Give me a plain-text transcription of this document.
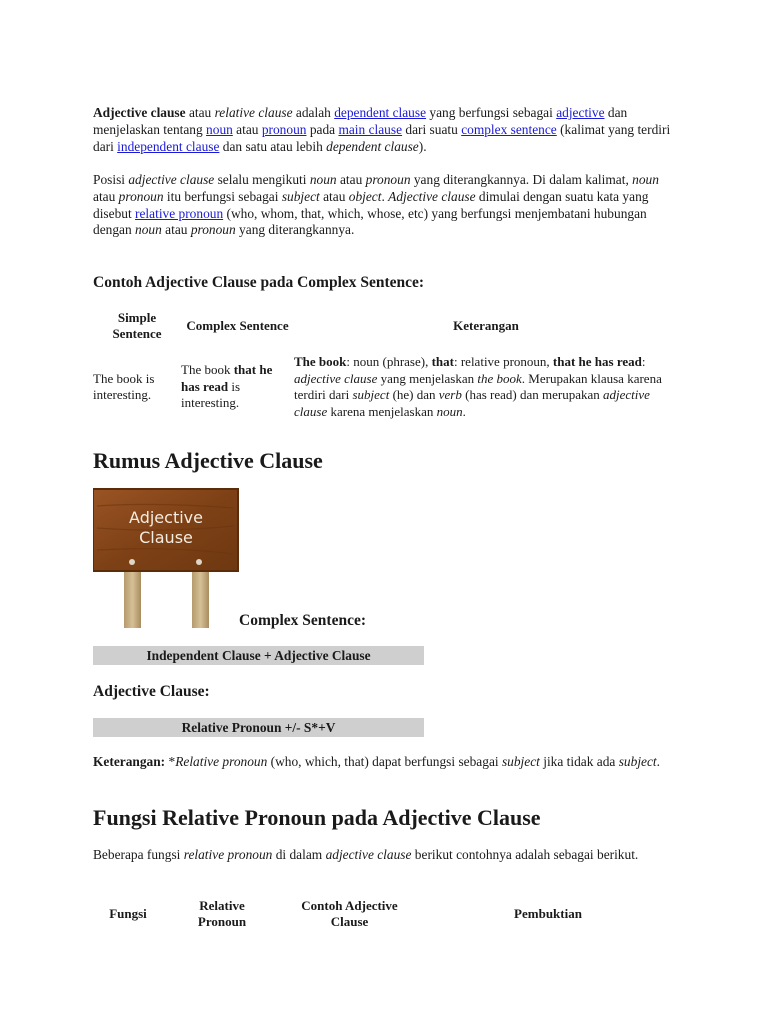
Adjective clause atau relative clause adalah dependent clause yang berfungsi sebagai adjective dan menjelaskan tentang noun atau pronoun pada main clause dari suatu complex sentence (kalimat yang terdiri dari independent clause dan satu atau lebih dependent clause).

Posisi adjective clause selalu mengikuti noun atau pronoun yang diterangkannya. Di dalam kalimat, noun atau pronoun itu berfungsi sebagai subject atau object. Adjective clause dimulai dengan suatu kata yang disebut relative pronoun (who, whom, that, which, whose, etc) yang berfungsi menjembatani hubungan dengan noun atau pronoun yang diterangkannya.

Contoh Adjective Clause pada Complex Sentence:
Simple Sentence	Complex Sentence	Keterangan
The book is interesting.	The book that he has read is interesting.	The book: noun (phrase), that: relative pronoun, that he has read: adjective clause yang menjelaskan the book. Merupakan klausa karena terdiri dari subject (he) dan verb (has read) dan merupakan adjective clause karena menjelaskan noun.
Rumus Adjective Clause
Adjective
Clause
Complex Sentence:
Independent Clause + Adjective Clause
Adjective Clause:
Relative Pronoun +/- S*+V

Keterangan: *Relative pronoun (who, which, that) dapat berfungsi sebagai subject jika tidak ada subject.

Fungsi Relative Pronoun pada Adjective Clause

Beberapa fungsi relative pronoun di dalam adjective clause berikut contohnya adalah sebagai berikut.

Fungsi	Relative Pronoun	Contoh Adjective Clause	Pembuktian
